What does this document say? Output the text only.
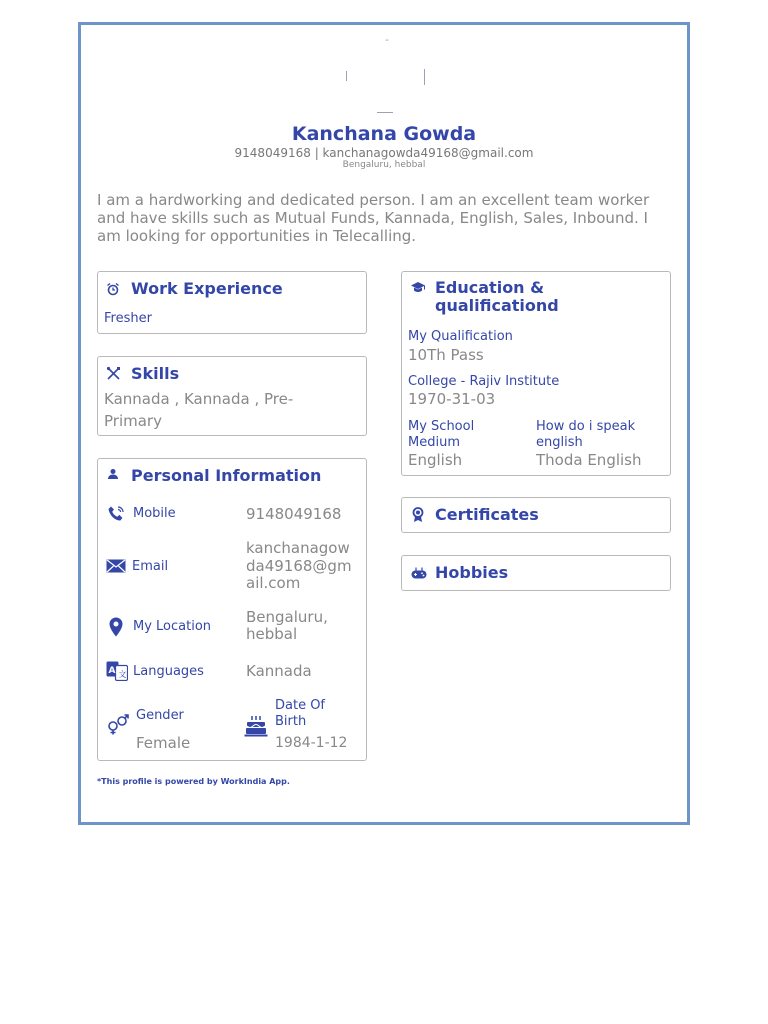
-
Kanchana Gowda
9148049168 | kanchanagowda49168@gmail.com
Bengaluru, hebbal
I am a hardworking and dedicated person. I am an excellent team worker and have skills such as Mutual Funds, Kannada, English, Sales, Inbound. I am looking for opportunities in Telecalling.
Work Experience
Fresher
Skills
Kannada , Kannada , Pre-Primary
Personal Information
Mobile	9148049168
Email
kanchanagowda49168@gmail.com
My Location
Bengaluru, hebbal
A 文 Languages	Kannada
Gender
Female
Date Of Birth
1984-1-12
Education & qualificationd
My Qualification
10Th Pass
College - Rajiv Institute
1970-31-03
My School Medium
English
How do i speak english
Thoda English
Certificates
Hobbies
*This profile is powered by WorkIndia App.
